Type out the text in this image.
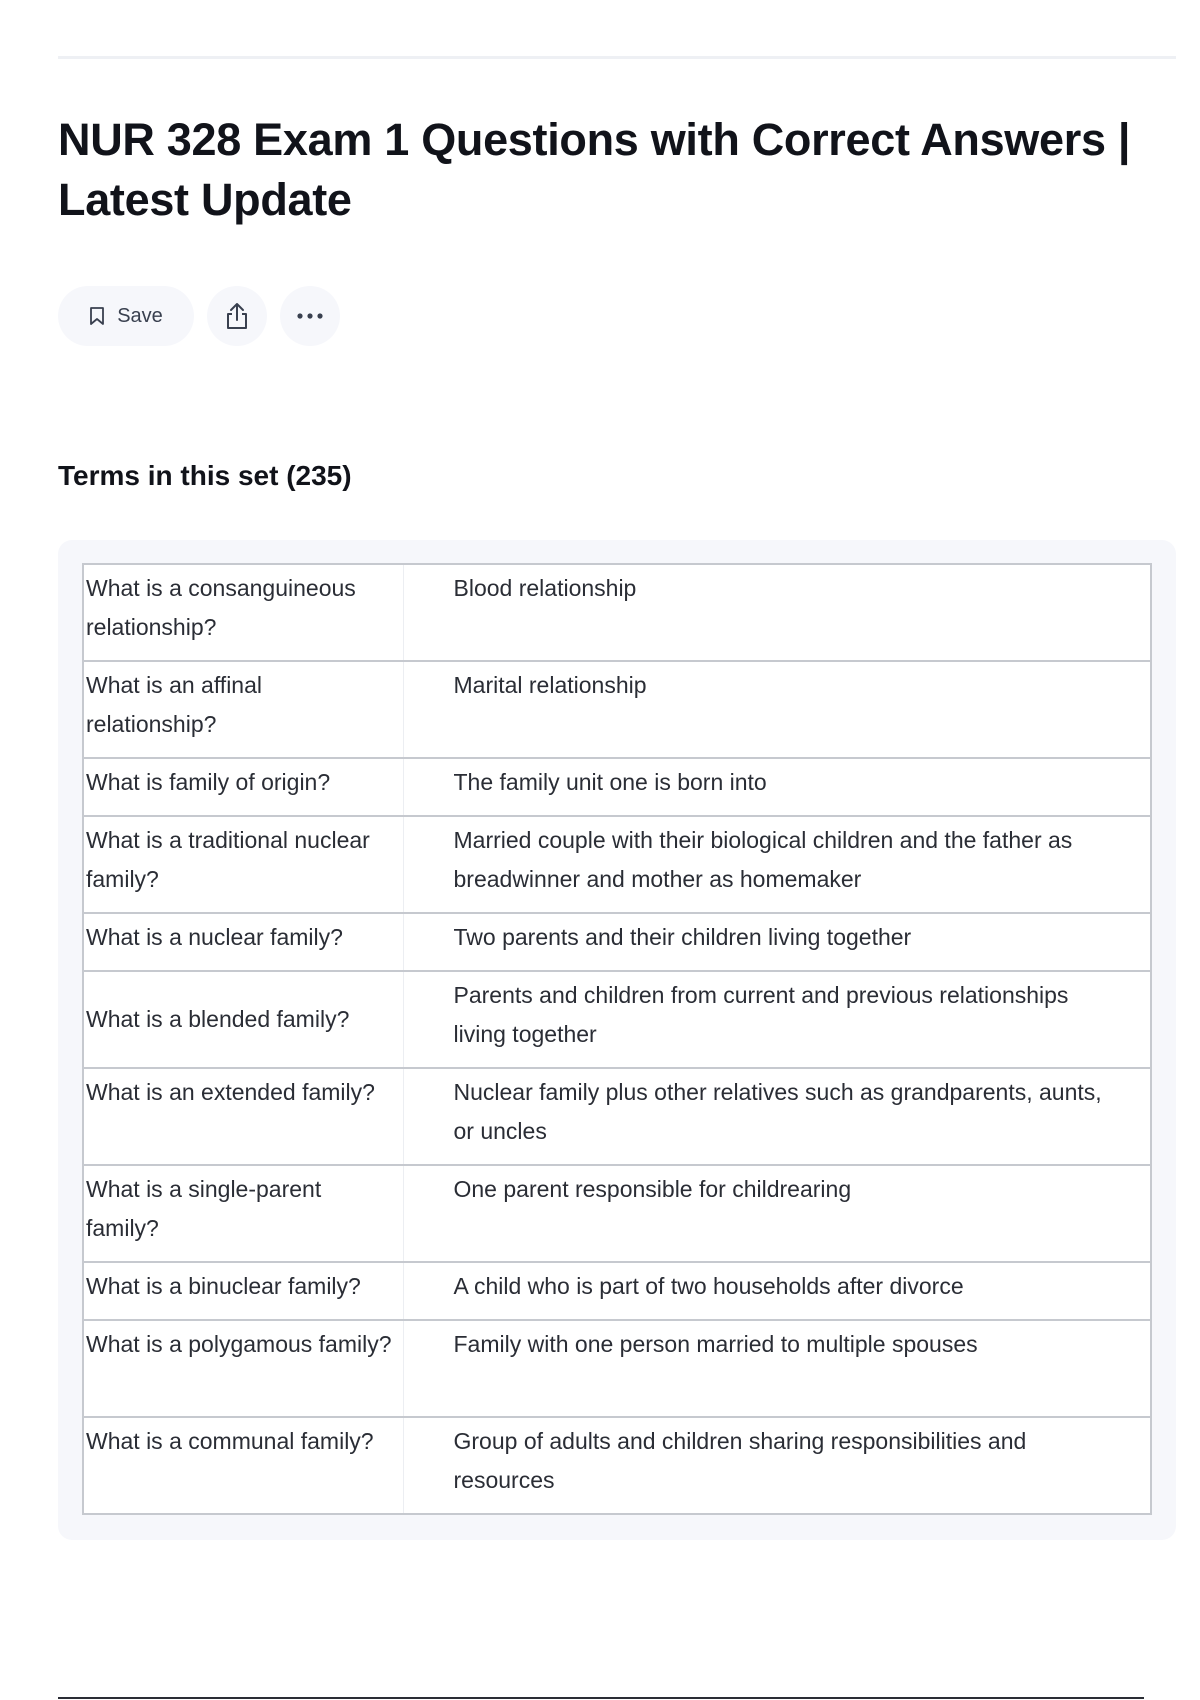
NUR 328 Exam 1 Questions with Correct Answers | Latest Update
Save
Terms in this set (235)
What is a consanguineous relationship?	Blood relationship
What is an affinal relationship?	Marital relationship
What is family of origin?	The family unit one is born into
What is a traditional nuclear family?	Married couple with their biological children and the father as breadwinner and mother as homemaker
What is a nuclear family?	Two parents and their children living together
What is a blended family?	Parents and children from current and previous relationships living together
What is an extended family?	Nuclear family plus other relatives such as grandparents, aunts, or uncles
What is a single-parent family?	One parent responsible for childrearing
What is a binuclear family?	A child who is part of two households after divorce
What is a polygamous family?	Family with one person married to multiple spouses
What is a communal family?	Group of adults and children sharing responsibilities and resources
